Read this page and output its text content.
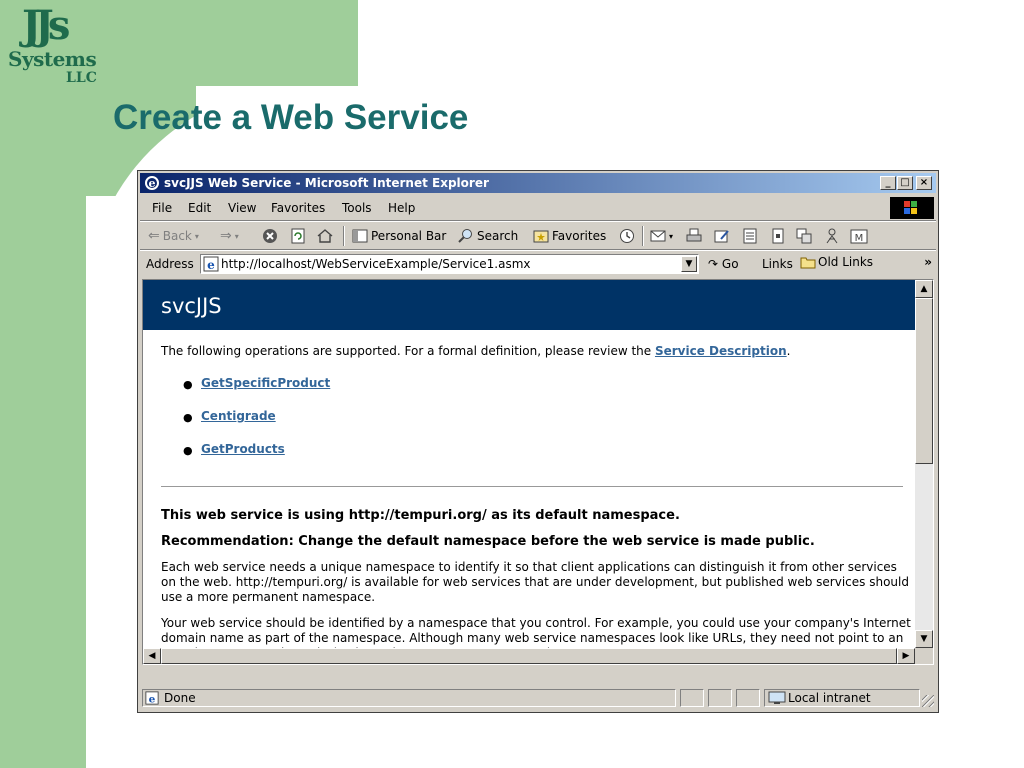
JJs
Systems
LLC
Create a Web Service
e svcJJS Web Service - Microsoft Internet Explorer	_ □	×
File Edit View Favorites Tools Help
⇐ Back ▾ ⇒ ▾	Personal Bar	Search	Favorites	▾	M
Address e
http://localhost/WebServiceExample/Service1.asmx	▼	↷ Go Links Old Links	»
svcJJS
The following operations are supported. For a formal definition, please review the Service Description.
● GetSpecificProduct
● Centigrade
● GetProducts
This web service is using http://tempuri.org/ as its default namespace.
Recommendation: Change the default namespace before the web service is made public.
Each web service needs a unique namespace to identify it so that client applications can distinguish it from other services on the web. http://tempuri.org/ is available for web services that are under development, but published web services should use a more permanent namespace.
Your web service should be identified by a namespace that you control. For example, you could use your company's Internet domain name as part of the namespace. Although many web service namespaces look like URLs, they need not point to an
▲
▼
◀	▶
e Done	Local intranet
